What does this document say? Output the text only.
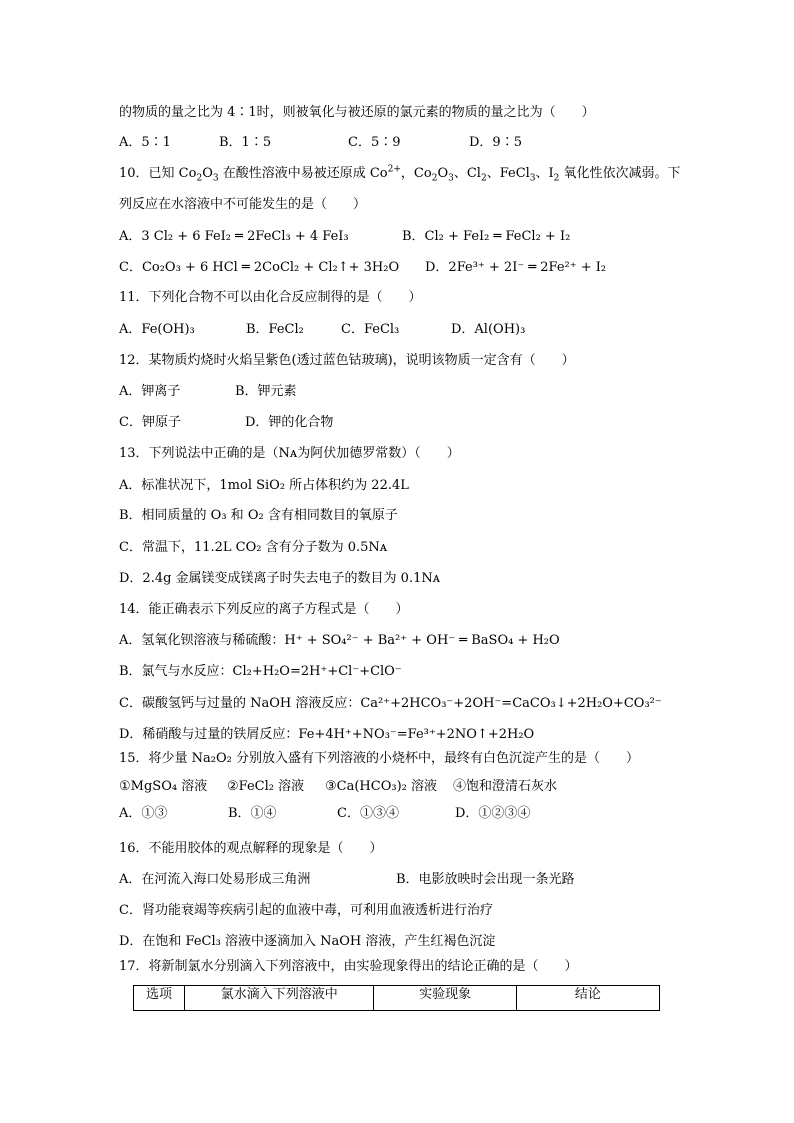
的物质的量之比为 4∶1时，则被氧化与被还原的氯元素的物质的量之比为（　　）
A．5∶1	B．1∶5	C．5∶9	D．9∶5
10．已知 $Co_2O_3$ 在酸性溶液中易被还原成 $Co^{2+}$，$Co_2O_3$、$Cl_2$、FeCl$_3$、$I_2$ 氧化性依次减弱。下
列反应在水溶液中不可能发生的是（　　）
A．3 Cl₂ + 6 FeI₂ ═ 2FeCl₃ + 4 FeI₃	B．Cl₂ + FeI₂ ═ FeCl₂ + I₂
C．Co₂O₃ + 6 HCl ═ 2CoCl₂ + Cl₂↑+ 3H₂O D．2Fe³⁺ + 2I⁻ ═ 2Fe²⁺ + I₂
11．下列化合物不可以由化合反应制得的是（　　）
A．Fe(OH)₃	B．FeCl₂	C．FeCl₃	D．Al(OH)₃
12．某物质灼烧时火焰呈紫色(透过蓝色钴玻璃)，说明该物质一定含有（　　）
A．钾离子	B．钾元素
C．钾原子	D．钾的化合物
13．下列说法中正确的是（Nᴀ为阿伏加德罗常数）（　　）
A．标准状况下，1mol SiO₂ 所占体积约为 22.4L
B．相同质量的 O₃ 和 O₂ 含有相同数目的氧原子
C．常温下，11.2L CO₂ 含有分子数为 0.5Nᴀ
D．2.4g 金属镁变成镁离子时失去电子的数目为 0.1Nᴀ
14．能正确表示下列反应的离子方程式是（　　）
A．氢氧化钡溶液与稀硫酸：H⁺ + SO₄²⁻ + Ba²⁺ + OH⁻ ═ BaSO₄ + H₂O
B．氯气与水反应：Cl₂+H₂O=2H⁺+Cl⁻+ClO⁻
C．碳酸氢钙与过量的 NaOH 溶液反应：Ca²⁺+2HCO₃⁻+2OH⁻=CaCO₃↓+2H₂O+CO₃²⁻
D．稀硝酸与过量的铁屑反应：Fe+4H⁺+NO₃⁻=Fe³⁺+2NO↑+2H₂O
15．将少量 Na₂O₂ 分别放入盛有下列溶液的小烧杯中，最终有白色沉淀产生的是（　　）
①MgSO₄ 溶液 ②FeCl₂ 溶液 ③Ca(HCO₃)₂ 溶液 ④饱和澄清石灰水
A．①③	B．①④	C．①③④	D．①②③④
16．不能用胶体的观点解释的现象是（　　）
A．在河流入海口处易形成三角洲	B．电影放映时会出现一条光路
C．肾功能衰竭等疾病引起的血液中毒，可利用血液透析进行治疗
D．在饱和 FeCl₃ 溶液中逐滴加入 NaOH 溶液，产生红褐色沉淀
17．将新制氯水分别滴入下列溶液中，由实验现象得出的结论正确的是（　　）
选项	氯水滴入下列溶液中	实验现象	结论
